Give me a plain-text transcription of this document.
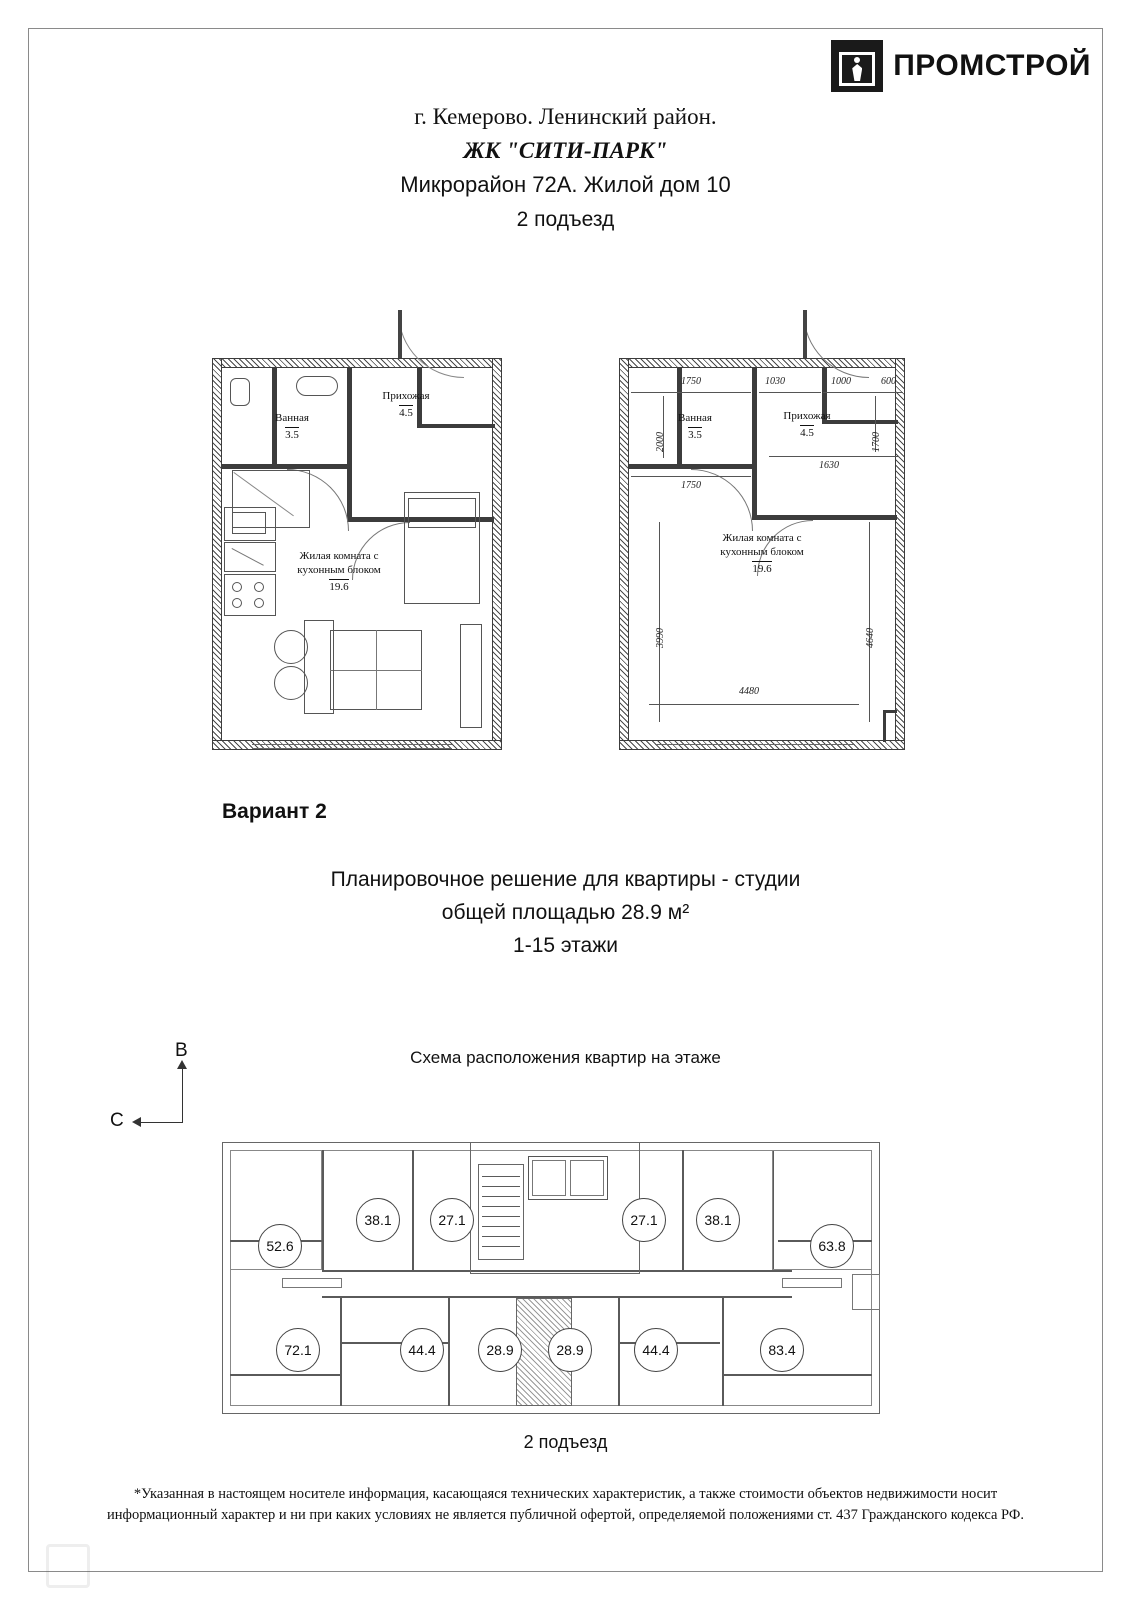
ПРОМСТРОЙ

г. Кемерово. Ленинский район.

ЖК "СИТИ-ПАРК"

Микрорайон 72А. Жилой дом 10

2 подъезд

Ванная
3.5
Прихожая
4.5
Жилая комната с
кухонным блоком
19.6
1750	1030	1000	600
2000	1700
1750
1630
3990	4640
4480
Ванная
3.5
Прихожая
4.5
Жилая комната с
кухонным блоком
19.6
Вариант 2
Планировочное решение для квартиры - студии
общей площадью 28.9 м²
1-15 этажи
Схема расположения квартир на этаже
В
С
52.6
38.1	27.1	27.1	38.1
63.8
72.1	44.4	28.9	28.9	44.4	83.4
2 подъезд
*Указанная в настоящем носителе информация, касающаяся технических характеристик, а также стоимости объектов недвижимости носит
информационный характер и ни при каких условиях не является публичной офертой, определяемой положениями ст. 437 Гражданского кодекса РФ.
